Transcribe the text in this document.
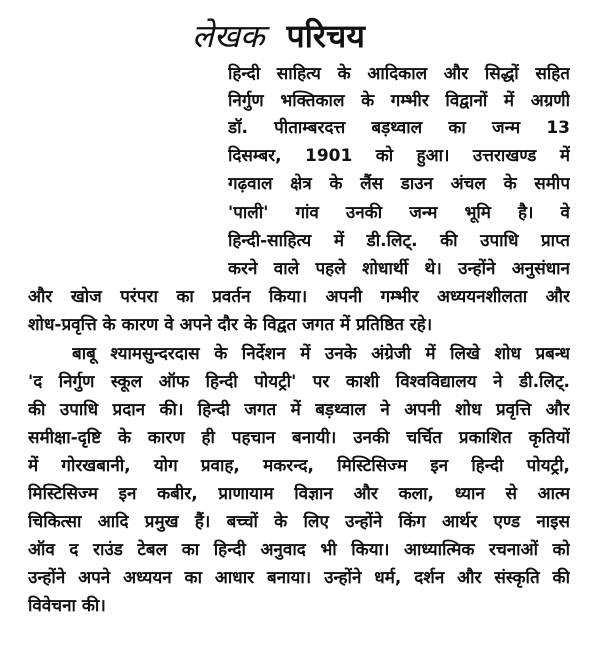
लेखक परिचय
हिन्दी साहित्य के आदिकाल और सिद्धों सहित
निर्गुण भक्तिकाल के गम्भीर विद्वानों में अग्रणी
डॉ. पीताम्बरदत्त बड़थ्वाल का जन्म 13
दिसम्बर, 1901 को हुआ। उत्तराखण्ड में
गढ़वाल क्षेत्र के लैंस डाउन अंचल के समीप
'पाली' गांव उनकी जन्म भूमि है। वे
हिन्दी-साहित्य में डी.लिट्. की उपाधि प्राप्त
करने वाले पहले शोधार्थी थे। उन्होंने अनुसंधान
और खोज परंपरा का प्रवर्तन किया। अपनी गम्भीर अध्ययनशीलता और
शोध-प्रवृत्ति के कारण वे अपने दौर के विद्वत जगत में प्रतिष्ठित रहे।
बाबू श्यामसुन्दरदास के निर्देशन में उनके अंग्रेजी में लिखे शोध प्रबन्ध
'द निर्गुण स्कूल ऑफ हिन्दी पोयट्री' पर काशी विश्वविद्यालय ने डी.लिट्.
की उपाधि प्रदान की। हिन्दी जगत में बड़थ्वाल ने अपनी शोध प्रवृत्ति और
समीक्षा-दृष्टि के कारण ही पहचान बनायी। उनकी चर्चित प्रकाशित कृतियों
में गोरखबानी, योग प्रवाह, मकरन्द, मिस्टिसिज्म इन हिन्दी पोयट्री,
मिस्टिसिज्म इन कबीर, प्राणायाम विज्ञान और कला, ध्यान से आत्म
चिकित्सा आदि प्रमुख हैं। बच्चों के लिए उन्होंने किंग आर्थर एण्ड नाइस
ऑव द राउंड टेबल का हिन्दी अनुवाद भी किया। आध्यात्मिक रचनाओं को
उन्होंने अपने अध्ययन का आधार बनाया। उन्होंने धर्म, दर्शन और संस्कृति की
विवेचना की।
